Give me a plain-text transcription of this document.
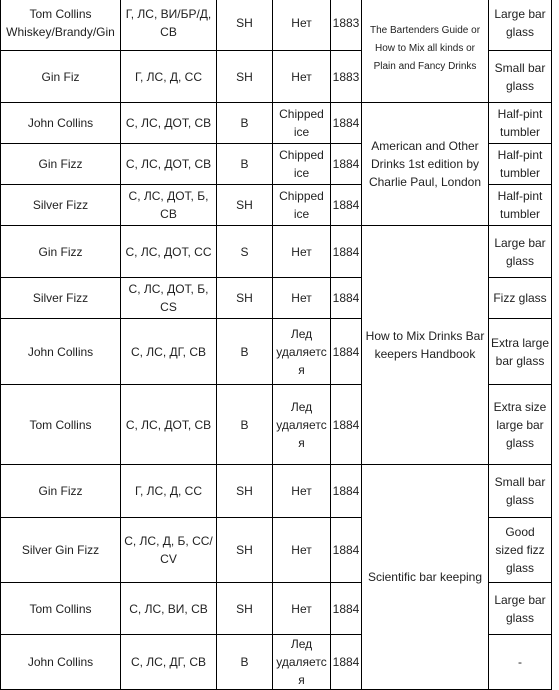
Tom Collins Whiskey/Brandy/Gin	Г, ЛС, ВИ/БР/Д, СВ	SH	Нет	1883	The Bartenders Guide or How to Mix all kinds or Plain and Fancy Drinks	Large bar glass
Gin Fiz	Г, ЛС, Д, СС	SH	Нет	1883		Small bar glass
John Collins	С, ЛС, ДОТ, СВ	B	Chipped ice	1884	American and Other Drinks 1st edition by Charlie Paul, London	Half-pint tumbler
Gin Fizz	С, ЛС, ДОТ, СВ	B	Chipped ice	1884		Half-pint tumbler
Silver Fizz	С, ЛС, ДОТ, Б, СВ	SH	Chipped ice	1884		Half-pint tumbler
Gin Fizz	С, ЛС, ДОТ, СС	S	Нет	1884	How to Mix Drinks Bar keepers Handbook	Large bar glass
Silver Fizz	С, ЛС, ДОТ, Б, CS	SH	Нет	1884		Fizz glass
John Collins	С, ЛС, ДГ, СВ	B	Лед удаляется	1884		Extra large bar glass
Tom Collins	С, ЛС, ДОТ, СВ	B	Лед удаляется	1884		Extra size large bar glass
Gin Fizz	Г, ЛС, Д, СС	SH	Нет	1884	Scientific bar keeping	Small bar glass
Silver Gin Fizz	С, ЛС, Д, Б, СС/ CV	SH	Нет	1884		Good sized fizz glass
Tom Collins	С, ЛС, ВИ, СВ	SH	Нет	1884		Large bar glass
John Collins	С, ЛС, ДГ, СВ	B	Лед удаляется	1884		-
